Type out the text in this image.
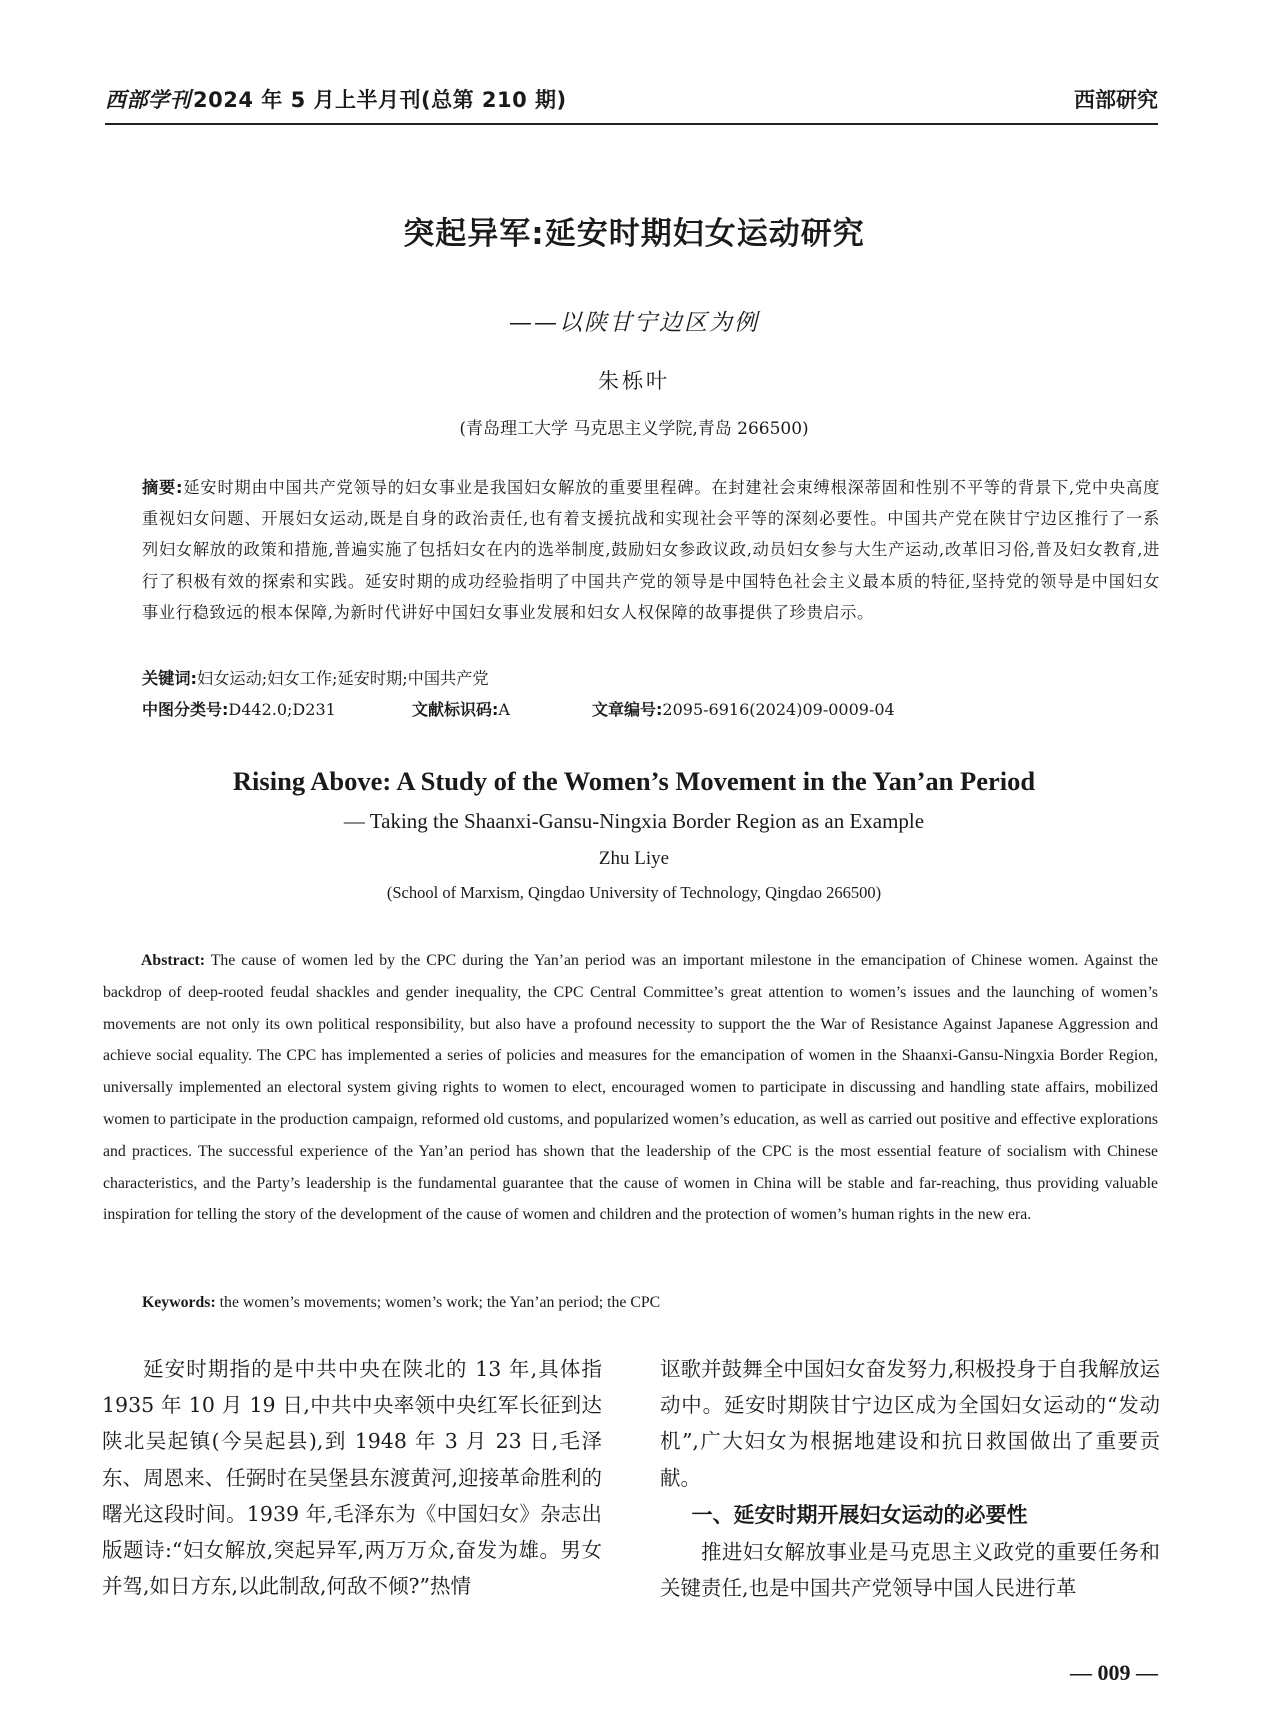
西部学刊2024 年 5 月上半月刊(总第 210 期)	西部研究
突起异军:延安时期妇女运动研究
——以陕甘宁边区为例
朱栎叶
(青岛理工大学 马克思主义学院,青岛 266500)
摘要:延安时期由中国共产党领导的妇女事业是我国妇女解放的重要里程碑。在封建社会束缚根深蒂固和性别不平等的背景下,党中央高度重视妇女问题、开展妇女运动,既是自身的政治责任,也有着支援抗战和实现社会平等的深刻必要性。中国共产党在陕甘宁边区推行了一系列妇女解放的政策和措施,普遍实施了包括妇女在内的选举制度,鼓励妇女参政议政,动员妇女参与大生产运动,改革旧习俗,普及妇女教育,进行了积极有效的探索和实践。延安时期的成功经验指明了中国共产党的领导是中国特色社会主义最本质的特征,坚持党的领导是中国妇女事业行稳致远的根本保障,为新时代讲好中国妇女事业发展和妇女人权保障的故事提供了珍贵启示。
关键词:妇女运动;妇女工作;延安时期;中国共产党
中图分类号:D442.0;D231	文献标识码:A	文章编号:2095-6916(2024)09-0009-04
Rising Above: A Study of the Women’s Movement in the Yan’an Period
— Taking the Shaanxi-Gansu-Ningxia Border Region as an Example
Zhu Liye
(School of Marxism, Qingdao University of Technology, Qingdao 266500)
Abstract: The cause of women led by the CPC during the Yan’an period was an important milestone in the emancipation of Chinese women. Against the backdrop of deep-rooted feudal shackles and gender inequality, the CPC Central Committee’s great attention to women’s issues and the launching of women’s movements are not only its own political responsibility, but also have a profound necessity to support the the War of Resistance Against Japanese Aggression and achieve social equality. The CPC has implemented a series of policies and measures for the emancipation of women in the Shaanxi-Gansu-Ningxia Border Region, universally implemented an electoral system giving rights to women to elect, encouraged women to participate in discussing and handling state affairs, mobilized women to participate in the production campaign, reformed old customs, and popularized women’s education, as well as carried out positive and effective explorations and practices. The successful experience of the Yan’an period has shown that the leadership of the CPC is the most essential feature of socialism with Chinese characteristics, and the Party’s leadership is the fundamental guarantee that the cause of women in China will be stable and far-reaching, thus providing valuable inspiration for telling the story of the development of the cause of women and children and the protection of women’s human rights in the new era.
Keywords: the women’s movements; women’s work; the Yan’an period; the CPC

延安时期指的是中共中央在陕北的 13 年,具体指 1935 年 10 月 19 日,中共中央率领中央红军长征到达陕北吴起镇(今吴起县),到 1948 年 3 月 23 日,毛泽东、周恩来、任弼时在吴堡县东渡黄河,迎接革命胜利的曙光这段时间。1939 年,毛泽东为《中国妇女》杂志出版题诗:“妇女解放,突起异军,两万万众,奋发为雄。男女并驾,如日方东,以此制敌,何敌不倾?”热情

讴歌并鼓舞全中国妇女奋发努力,积极投身于自我解放运动中。延安时期陕甘宁边区成为全国妇女运动的“发动机”,广大妇女为根据地建设和抗日救国做出了重要贡献。

一、延安时期开展妇女运动的必要性

推进妇女解放事业是马克思主义政党的重要任务和关键责任,也是中国共产党领导中国人民进行革

— 009 —
